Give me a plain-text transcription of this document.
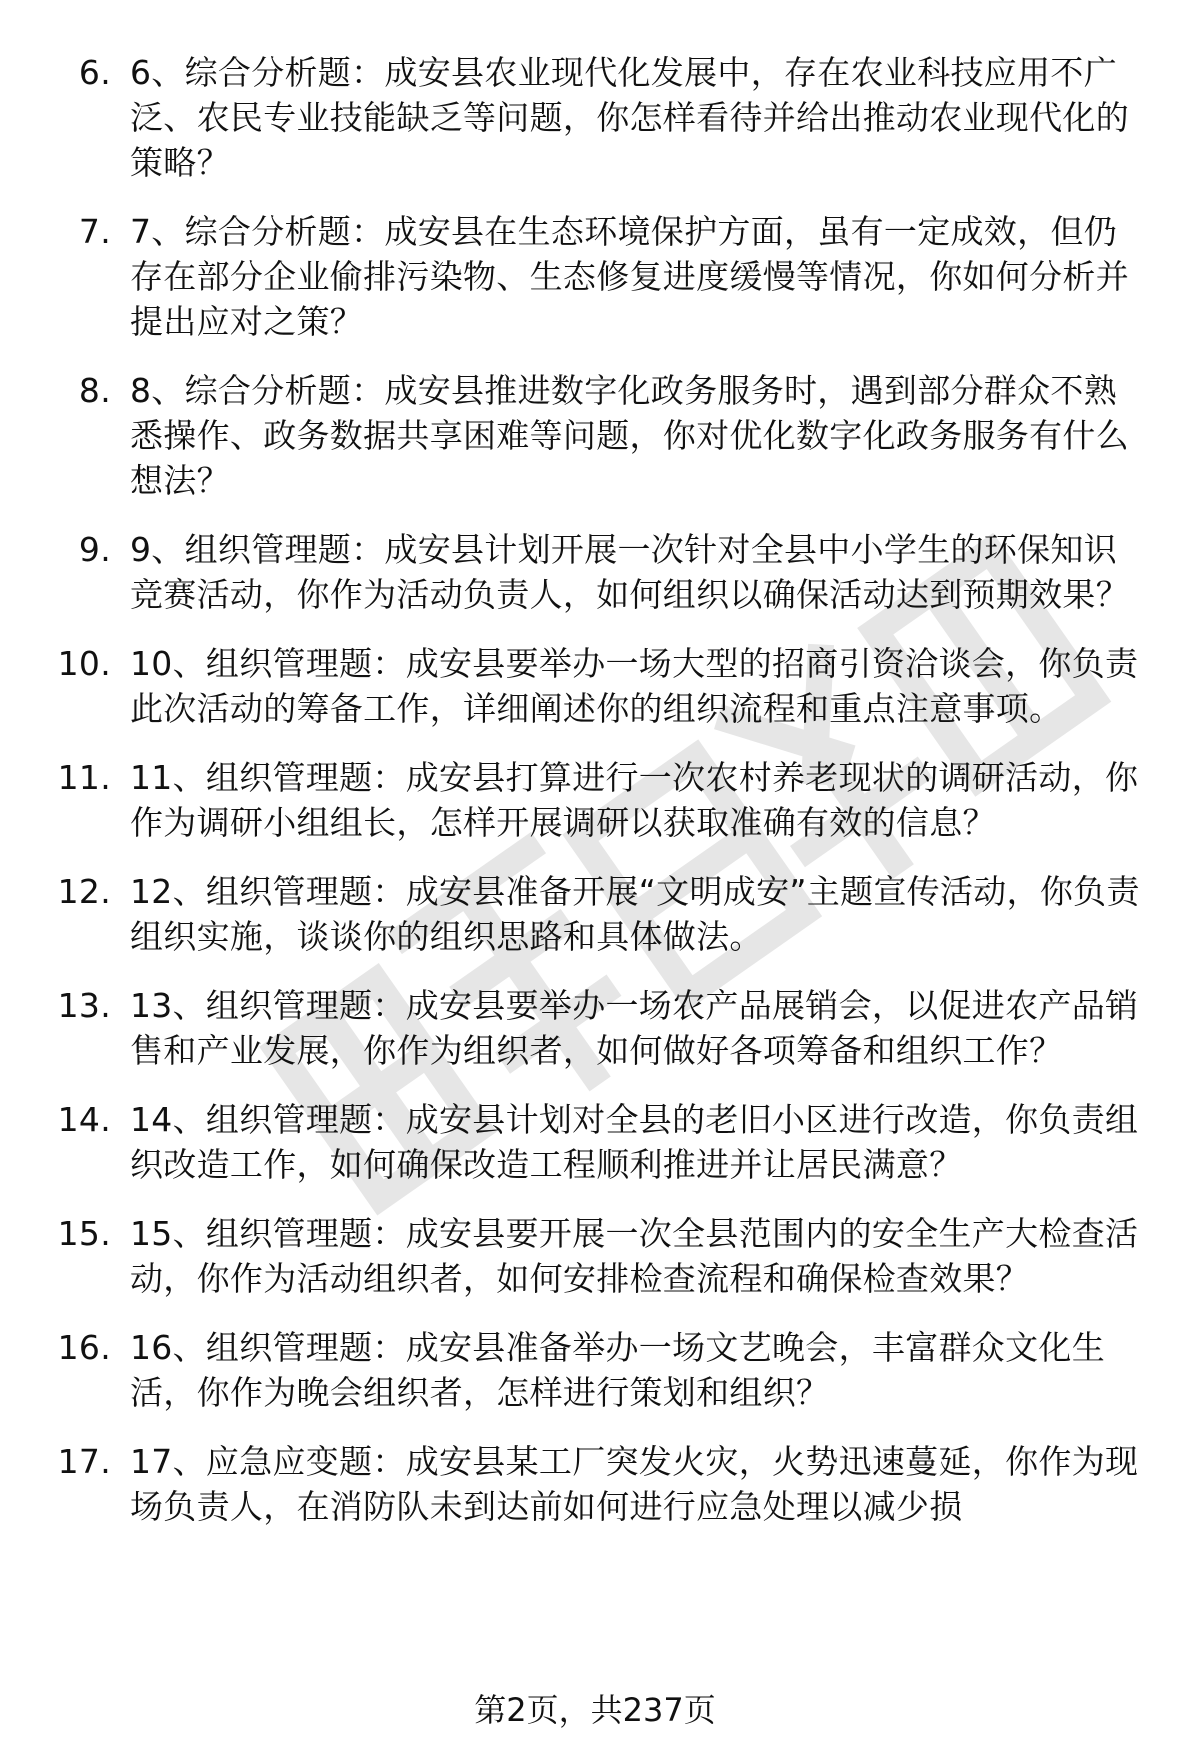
6. 6、综合分析题：成安县农业现代化发展中，存在农业科技应用不广泛、农民专业技能缺乏等问题，你怎样看待并给出推动农业现代化的策略？
7. 7、综合分析题：成安县在生态环境保护方面，虽有一定成效，但仍存在部分企业偷排污染物、生态修复进度缓慢等情况，你如何分析并提出应对之策？
8. 8、综合分析题：成安县推进数字化政务服务时，遇到部分群众不熟悉操作、政务数据共享困难等问题，你对优化数字化政务服务有什么想法？
9. 9、组织管理题：成安县计划开展一次针对全县中小学生的环保知识竞赛活动，你作为活动负责人，如何组织以确保活动达到预期效果？
10. 10、组织管理题：成安县要举办一场大型的招商引资洽谈会，你负责此次活动的筹备工作，详细阐述你的组织流程和重点注意事项。
11. 11、组织管理题：成安县打算进行一次农村养老现状的调研活动，你作为调研小组组长，怎样开展调研以获取准确有效的信息？
12. 12、组织管理题：成安县准备开展“文明成安”主题宣传活动，你负责组织实施，谈谈你的组织思路和具体做法。
13. 13、组织管理题：成安县要举办一场农产品展销会，以促进农产品销售和产业发展，你作为组织者，如何做好各项筹备和组织工作？
14. 14、组织管理题：成安县计划对全县的老旧小区进行改造，你负责组织改造工作，如何确保改造工程顺利推进并让居民满意？
15. 15、组织管理题：成安县要开展一次全县范围内的安全生产大检查活动，你作为活动组织者，如何安排检查流程和确保检查效果？
16. 16、组织管理题：成安县准备举办一场文艺晚会，丰富群众文化生活，你作为晚会组织者，怎样进行策划和组织？
17. 17、应急应变题：成安县某工厂突发火灾，火势迅速蔓延，你作为现场负责人，在消防队未到达前如何进行应急处理以减少损
第2页，共237页
